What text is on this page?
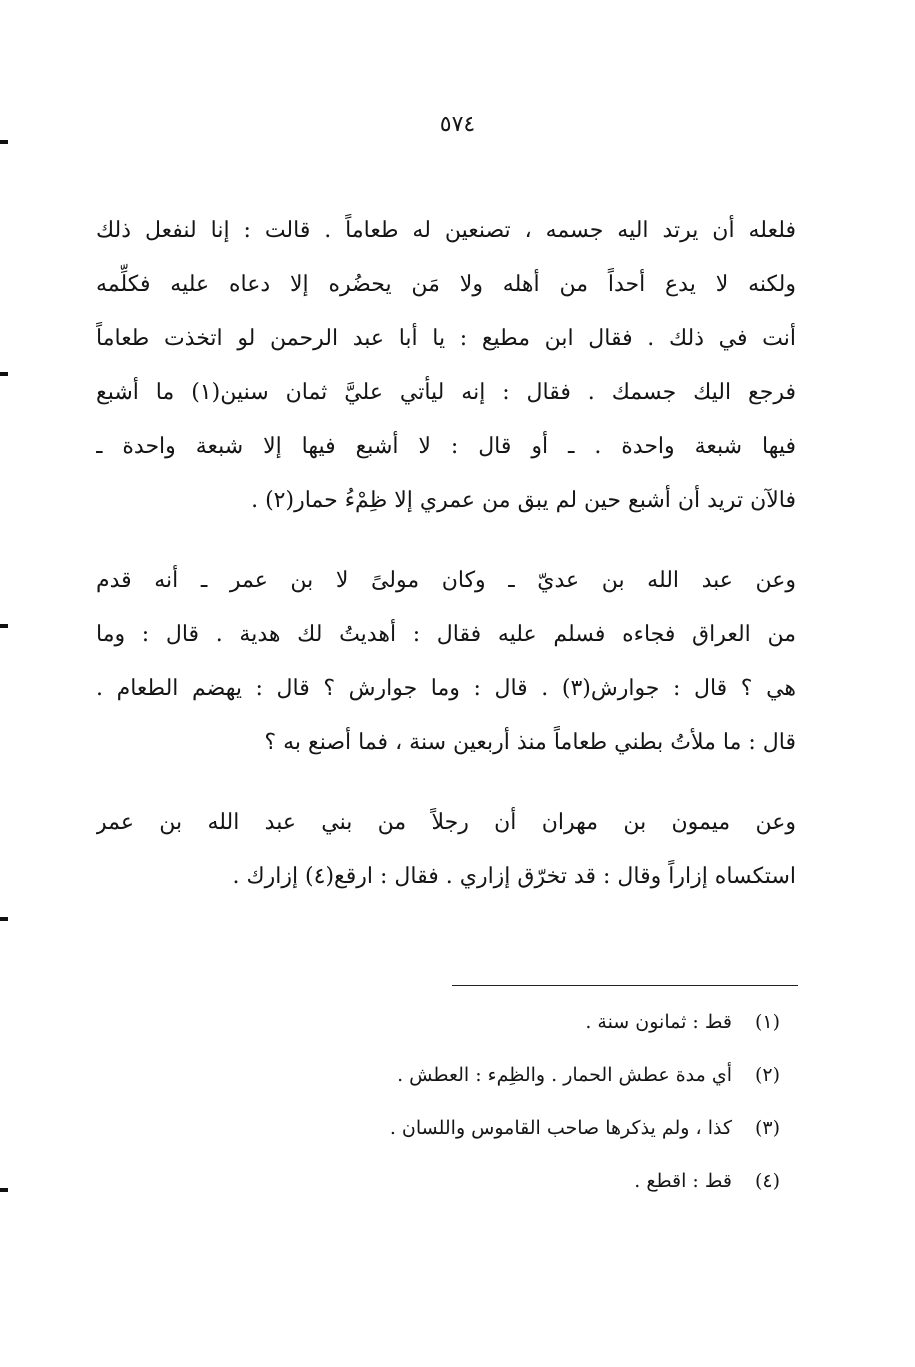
٥٧٤
فلعله أن يرتد اليه جسمه ، تصنعين له طعاماً . قالت : إنا لنفعل ذلك
ولكنه لا يدع أحداً من أهله ولا مَن يحضُره إلا دعاه عليه فكلِّمه
أنت في ذلك . فقال ابن مطيع : يا أبا عبد الرحمن لو اتخذت طعاماً
فرجع اليك جسمك . فقال : إنه ليأتي عليَّ ثمان سنين(١) ما أشبع
فيها شبعة واحدة . ـ أو قال : لا أشبع فيها إلا شبعة واحدة ـ
فالآن تريد أن أشبع حين لم يبق من عمري إلا ظِمْءُ حمار(٢) .
وعن عبد الله بن عديّ ـ وكان مولىً لا بن عمر ـ أنه قدم
من العراق فجاءه فسلم عليه فقال : أهديتُ لك هدية . قال : وما
هي ؟ قال : جوارش(٣) . قال : وما جوارش ؟ قال : يهضم الطعام .
قال : ما ملأتُ بطني طعاماً منذ أربعين سنة ، فما أصنع به ؟
وعن ميمون بن مهران أن رجلاً من بني عبد الله بن عمر
استكساه إزاراً وقال : قد تخرّق إزاري . فقال : ارقع(٤) إزارك .
(١)قط : ثمانون سنة .
(٢)أي مدة عطش الحمار . والظِمء : العطش .
(٣)كذا ، ولم يذكرها صاحب القاموس واللسان .
(٤)قط : اقطع .
